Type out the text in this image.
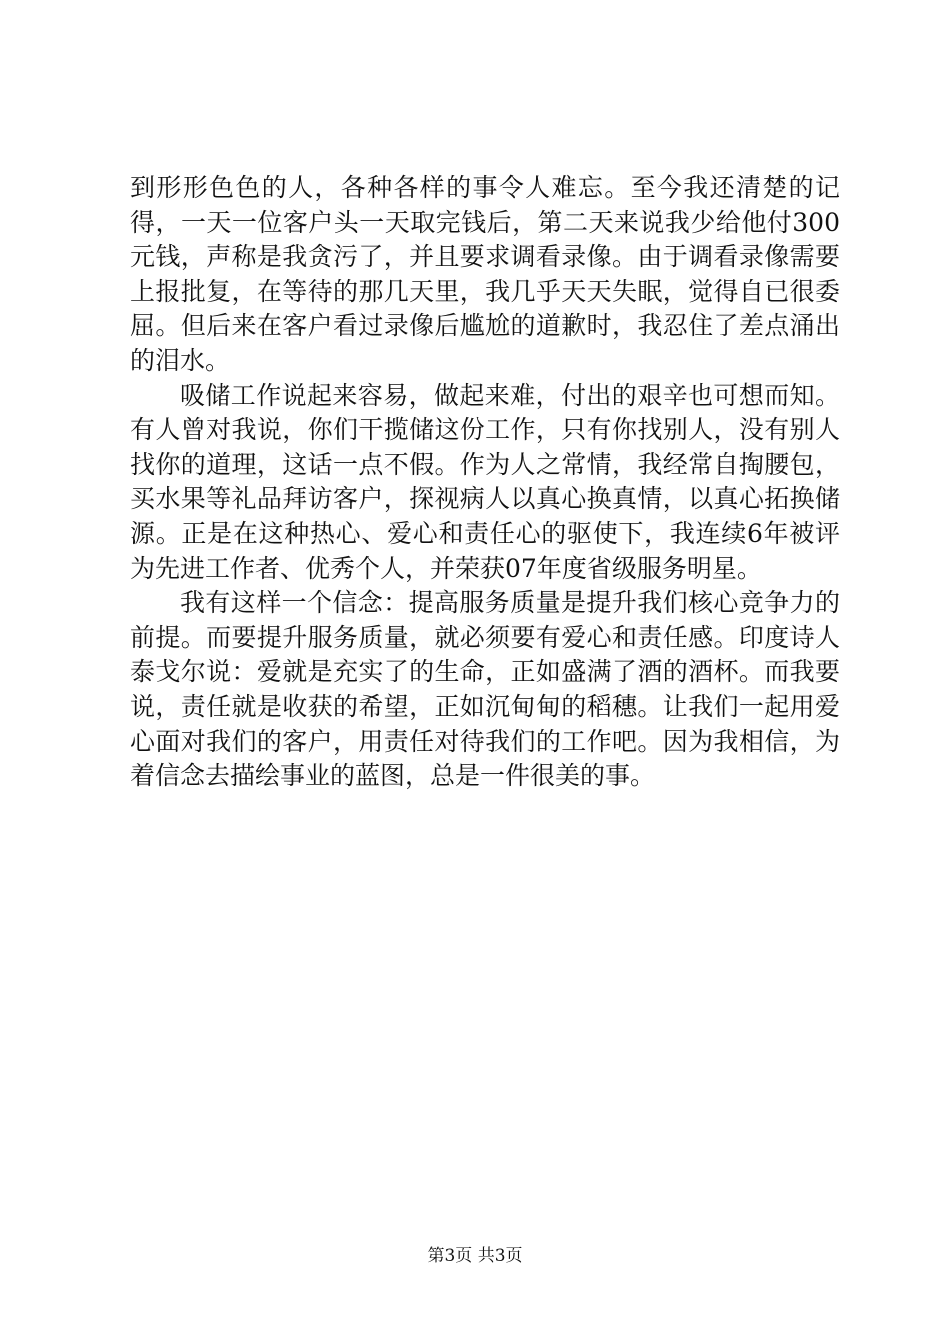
到形形色色的人，各种各样的事令人难忘。至今我还清楚的记得，一天一位客户头一天取完钱后，第二天来说我少给他付300元钱，声称是我贪污了，并且要求调看录像。由于调看录像需要上报批复，在等待的那几天里，我几乎天天失眠，觉得自已很委屈。但后来在客户看过录像后尴尬的道歉时，我忍住了差点涌出的泪水。

吸储工作说起来容易，做起来难，付出的艰辛也可想而知。有人曾对我说，你们干揽储这份工作，只有你找别人，没有别人找你的道理，这话一点不假。作为人之常情，我经常自掏腰包，买水果等礼品拜访客户，探视病人以真心换真情，以真心拓换储源。正是在这种热心、爱心和责任心的驱使下，我连续6年被评为先进工作者、优秀个人，并荣获07年度省级服务明星。

我有这样一个信念：提高服务质量是提升我们核心竞争力的前提。而要提升服务质量，就必须要有爱心和责任感。印度诗人泰戈尔说：爱就是充实了的生命，正如盛满了酒的酒杯。而我要说，责任就是收获的希望，正如沉甸甸的稻穗。让我们一起用爱心面对我们的客户，用责任对待我们的工作吧。因为我相信，为着信念去描绘事业的蓝图，总是一件很美的事。

第3页 共3页
